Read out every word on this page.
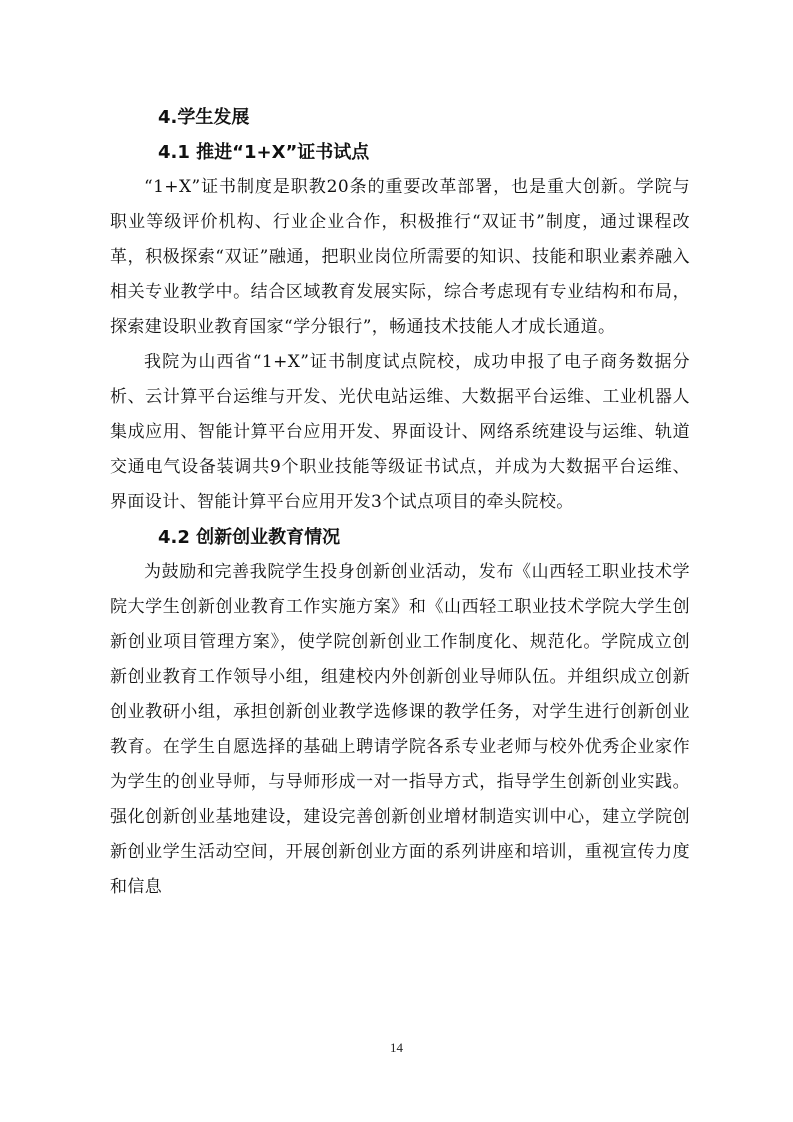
4.学生发展
4.1 推进“1+X”证书试点

“1+X”证书制度是职教20条的重要改革部署，也是重大创新。学院与职业等级评价机构、行业企业合作，积极推行“双证书”制度，通过课程改革，积极探索“双证”融通，把职业岗位所需要的知识、技能和职业素养融入相关专业教学中。结合区域教育发展实际，综合考虑现有专业结构和布局，探索建设职业教育国家“学分银行”，畅通技术技能人才成长通道。

我院为山西省“1+X”证书制度试点院校，成功申报了电子商务数据分析、云计算平台运维与开发、光伏电站运维、大数据平台运维、工业机器人集成应用、智能计算平台应用开发、界面设计、网络系统建设与运维、轨道交通电气设备装调共9个职业技能等级证书试点，并成为大数据平台运维、界面设计、智能计算平台应用开发3个试点项目的牵头院校。

4.2 创新创业教育情况

为鼓励和完善我院学生投身创新创业活动，发布《山西轻工职业技术学院大学生创新创业教育工作实施方案》和《山西轻工职业技术学院大学生创新创业项目管理方案》，使学院创新创业工作制度化、规范化。学院成立创新创业教育工作领导小组，组建校内外创新创业导师队伍。并组织成立创新创业教研小组，承担创新创业教学选修课的教学任务，对学生进行创新创业教育。在学生自愿选择的基础上聘请学院各系专业老师与校外优秀企业家作为学生的创业导师，与导师形成一对一指导方式，指导学生创新创业实践。强化创新创业基地建设，建设完善创新创业增材制造实训中心，建立学院创新创业学生活动空间，开展创新创业方面的系列讲座和培训，重视宣传力度和信息

14
